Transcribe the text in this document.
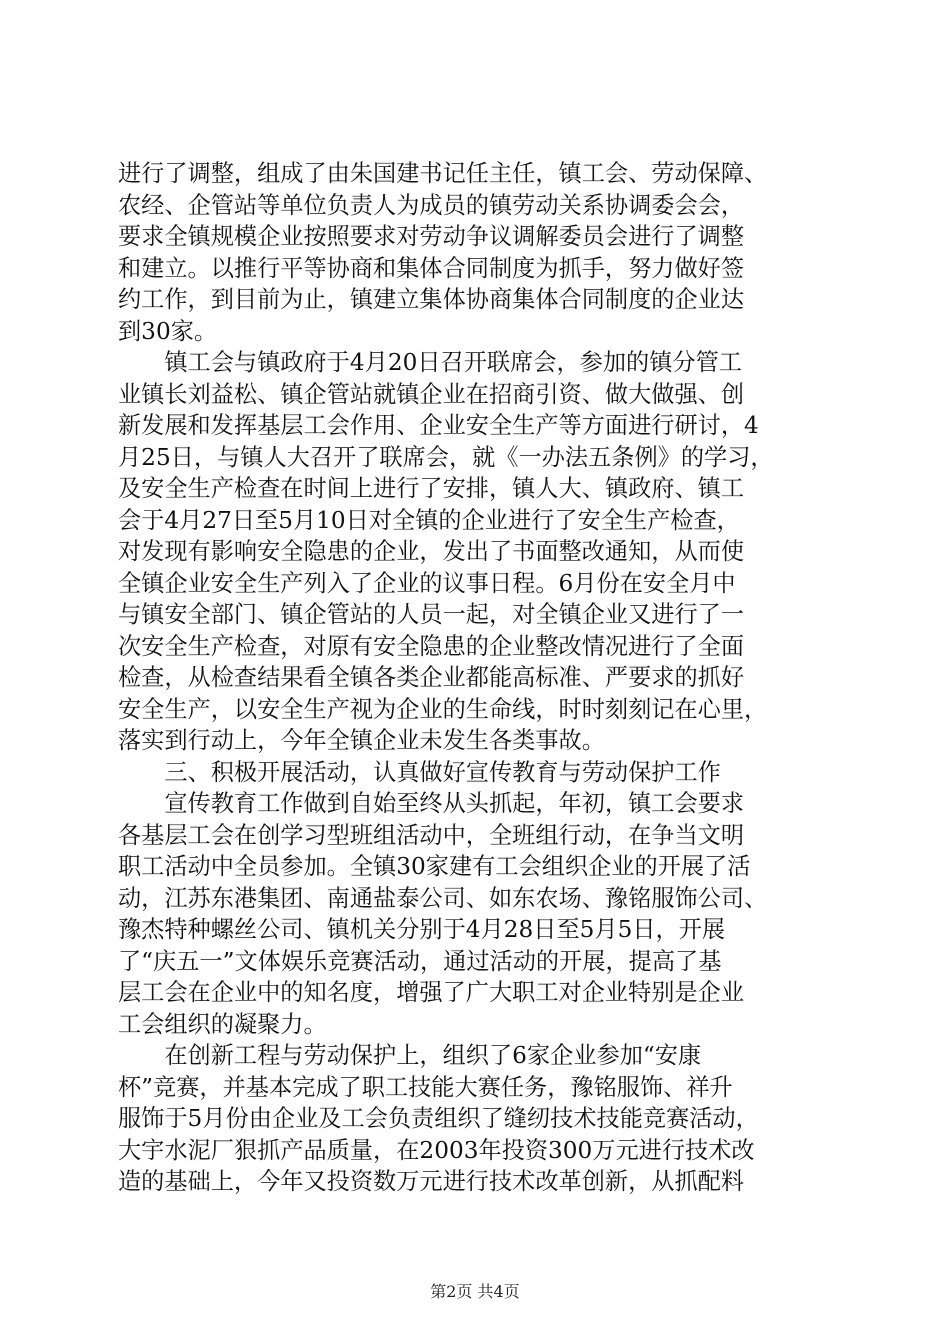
进行了调整，组成了由朱国建书记任主任，镇工会、劳动保障、
农经、企管站等单位负责人为成员的镇劳动关系协调委会会，
要求全镇规模企业按照要求对劳动争议调解委员会进行了调整
和建立。以推行平等协商和集体合同制度为抓手，努力做好签
约工作，到目前为止，镇建立集体协商集体合同制度的企业达
到30家。
　　镇工会与镇政府于4月20日召开联席会，参加的镇分管工
业镇长刘益松、镇企管站就镇企业在招商引资、做大做强、创
新发展和发挥基层工会作用、企业安全生产等方面进行研讨，4
月25日，与镇人大召开了联席会，就《一办法五条例》的学习，
及安全生产检查在时间上进行了安排，镇人大、镇政府、镇工
会于4月27日至5月10日对全镇的企业进行了安全生产检查，
对发现有影响安全隐患的企业，发出了书面整改通知，从而使
全镇企业安全生产列入了企业的议事日程。6月份在安全月中
与镇安全部门、镇企管站的人员一起，对全镇企业又进行了一
次安全生产检查，对原有安全隐患的企业整改情况进行了全面
检查，从检查结果看全镇各类企业都能高标准、严要求的抓好
安全生产，以安全生产视为企业的生命线，时时刻刻记在心里，
落实到行动上，今年全镇企业未发生各类事故。
　　三、积极开展活动，认真做好宣传教育与劳动保护工作
　　宣传教育工作做到自始至终从头抓起，年初，镇工会要求
各基层工会在创学习型班组活动中，全班组行动，在争当文明
职工活动中全员参加。全镇30家建有工会组织企业的开展了活
动，江苏东港集团、南通盐泰公司、如东农场、豫铭服饰公司、
豫杰特种螺丝公司、镇机关分别于4月28日至5月5日，开展
了“庆五一”文体娱乐竞赛活动，通过活动的开展，提高了基
层工会在企业中的知名度，增强了广大职工对企业特别是企业
工会组织的凝聚力。
　　在创新工程与劳动保护上，组织了6家企业参加“安康
杯”竞赛，并基本完成了职工技能大赛任务，豫铭服饰、祥升
服饰于5月份由企业及工会负责组织了缝纫技术技能竞赛活动，
大宇水泥厂狠抓产品质量，在2003年投资300万元进行技术改
造的基础上，今年又投资数万元进行技术改革创新，从抓配料
第2页 共4页
